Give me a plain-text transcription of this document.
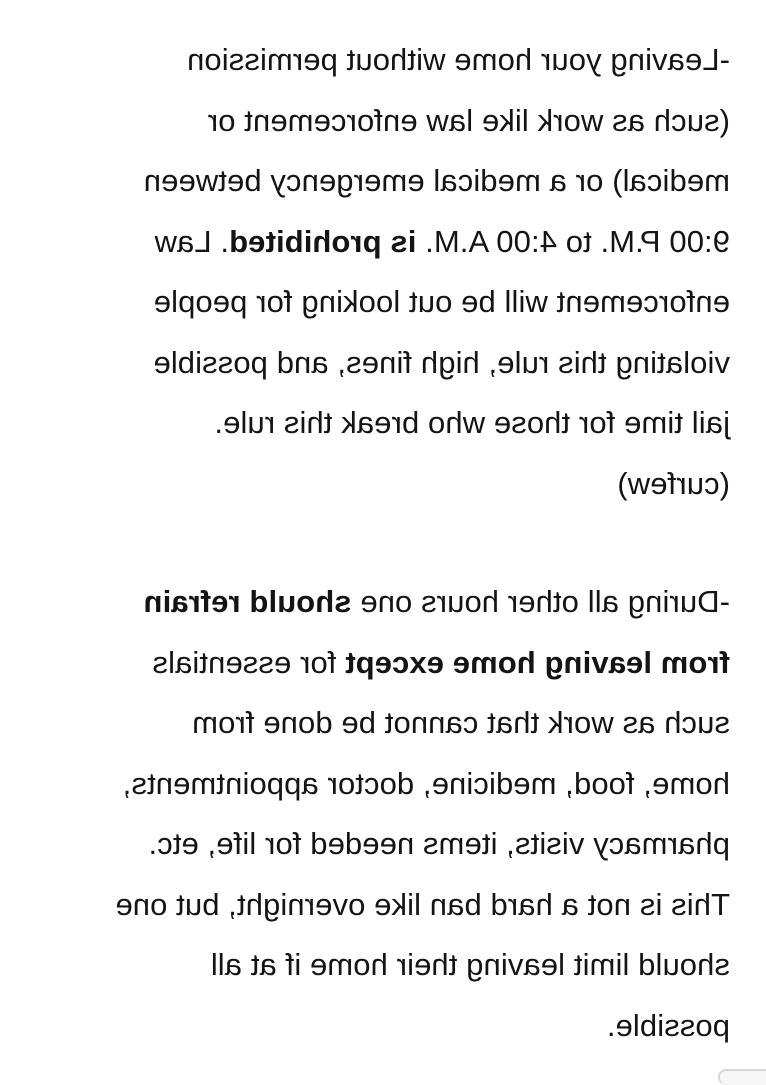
-Leaving your home without permission
(such as work like law enforcement or
medical) or a medical emergency between
9:00 P.M. to 4:00 A.M. is prohibited. Law
enforcement will be out looking for people
violating this rule, high fines, and possible
jail time for those who break this rule.
(curfew)
-During all other hours one should refrain
from leaving home except for essentials
such as work that cannot be done from
home, food, medicine, doctor appointments,
pharmacy visits, items needed for life, etc.
This is not a hard ban like overnight, but one
should limit leaving their home if at all
possible.
